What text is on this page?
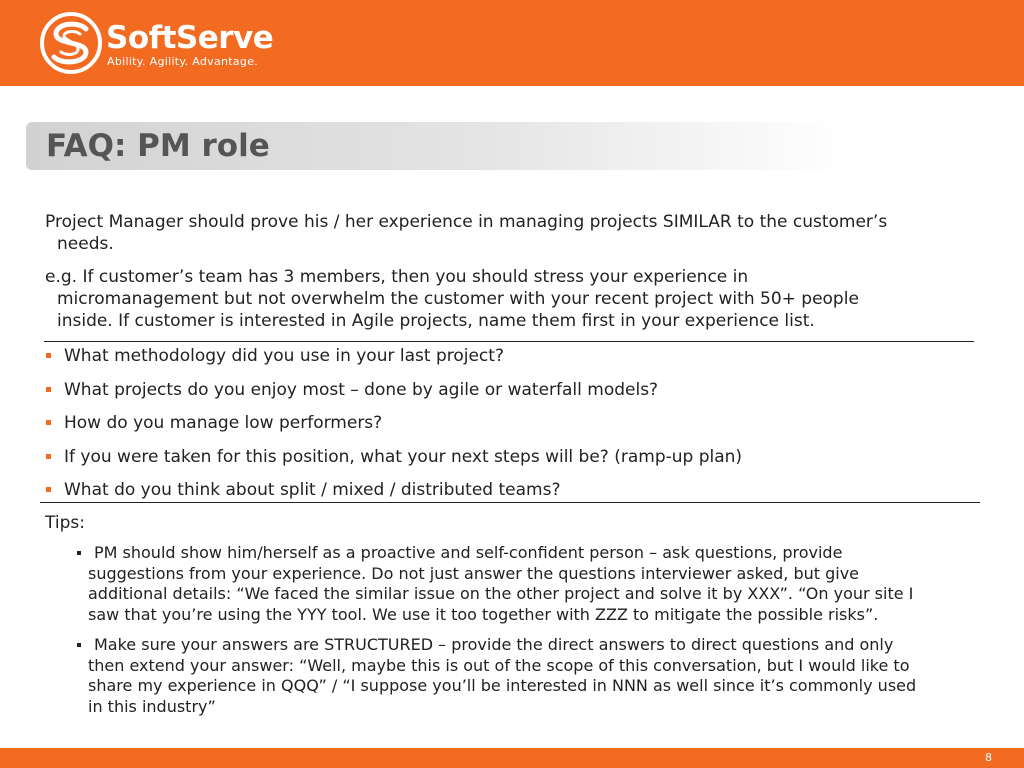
SoftServe
Ability. Agility. Advantage.
FAQ: PM role
Project Manager should prove his / her experience in managing projects SIMILAR to the customer’s
needs.
e.g. If customer’s team has 3 members, then you should stress your experience in
micromanagement but not overwhelm the customer with your recent project with 50+ people
inside. If customer is interested in Agile projects, name them first in your experience list.
What methodology did you use in your last project?
What projects do you enjoy most – done by agile or waterfall models?
How do you manage low performers?
If you were taken for this position, what your next steps will be? (ramp-up plan)
What do you think about split / mixed / distributed teams?
Tips:
PM should show him/herself as a proactive and self-confident person – ask questions, provide
suggestions from your experience. Do not just answer the questions interviewer asked, but give
additional details: “We faced the similar issue on the other project and solve it by XXX”. “On your site I
saw that you’re using the YYY tool. We use it too together with ZZZ to mitigate the possible risks”.
Make sure your answers are STRUCTURED – provide the direct answers to direct questions and only
then extend your answer: “Well, maybe this is out of the scope of this conversation, but I would like to
share my experience in QQQ” / “I suppose you’ll be interested in NNN as well since it’s commonly used
in this industry”
8
